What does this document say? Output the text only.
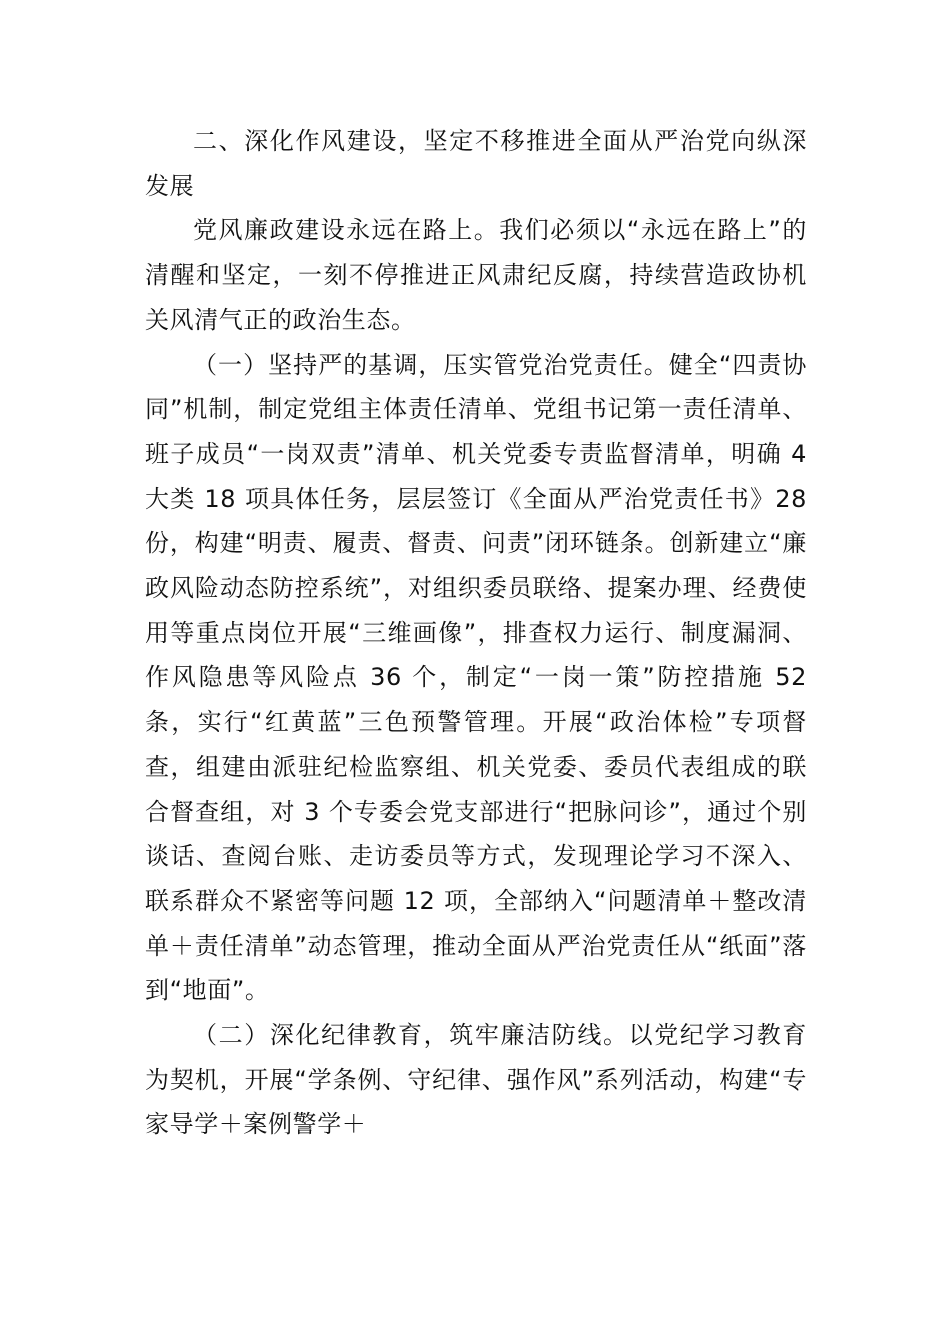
二、深化作风建设，坚定不移推进全面从严治党向纵深发展

党风廉政建设永远在路上。我们必须以“永远在路上”的清醒和坚定，一刻不停推进正风肃纪反腐，持续营造政协机关风清气正的政治生态。

（一）坚持严的基调，压实管党治党责任。健全“四责协同”机制，制定党组主体责任清单、党组书记第一责任清单、班子成员“一岗双责”清单、机关党委专责监督清单，明确 4 大类 18 项具体任务，层层签订《全面从严治党责任书》28 份，构建“明责、履责、督责、问责”闭环链条。创新建立“廉政风险动态防控系统”，对组织委员联络、提案办理、经费使用等重点岗位开展“三维画像”，排查权力运行、制度漏洞、作风隐患等风险点 36 个，制定“一岗一策”防控措施 52 条，实行“红黄蓝”三色预警管理。开展“政治体检”专项督查，组建由派驻纪检监察组、机关党委、委员代表组成的联合督查组，对 3 个专委会党支部进行“把脉问诊”，通过个别谈话、查阅台账、走访委员等方式，发现理论学习不深入、联系群众不紧密等问题 12 项，全部纳入“问题清单＋整改清单＋责任清单”动态管理，推动全面从严治党责任从“纸面”落到“地面”。

（二）深化纪律教育，筑牢廉洁防线。以党纪学习教育为契机，开展“学条例、守纪律、强作风”系列活动，构建“专家导学＋案例警学＋
